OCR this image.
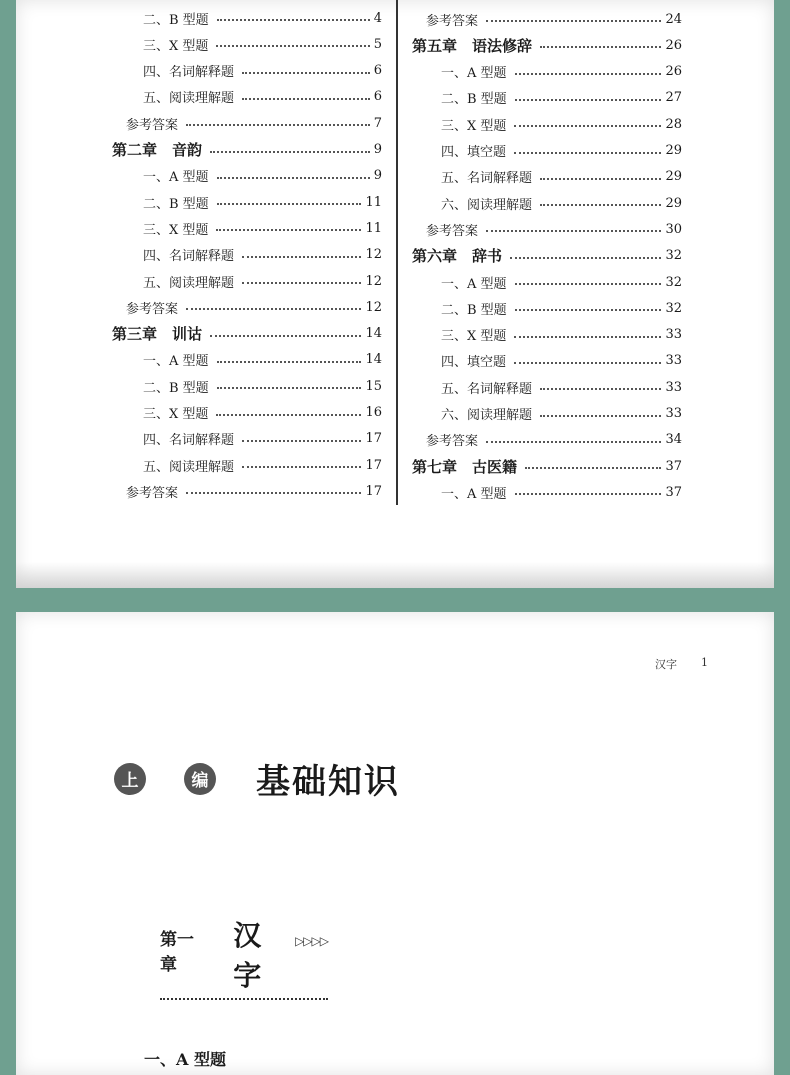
二、B 型题	4
三、X 型题	5
四、名词解释题	6
五、阅读理解题	6
参考答案	7
第二章　音韵	9
一、A 型题	9
二、B 型题	11
三、X 型题	11
四、名词解释题	12
五、阅读理解题	12
参考答案	12
第三章　训诂	14
一、A 型题	14
二、B 型题	15
三、X 型题	16
四、名词解释题	17
五、阅读理解题	17
参考答案	17
参考答案	24
第五章　语法修辞	26
一、A 型题	26
二、B 型题	27
三、X 型题	28
四、填空题	29
五、名词解释题	29
六、阅读理解题	29
参考答案	30
第六章　辞书	32
一、A 型题	32
二、B 型题	32
三、X 型题	33
四、填空题	33
五、名词解释题	33
六、阅读理解题	33
参考答案	34
第七章　古医籍	37
一、A 型题	37
汉字 1
上	编 基础知识
第一章
汉字
▷▷▷▷
一、A 型题
